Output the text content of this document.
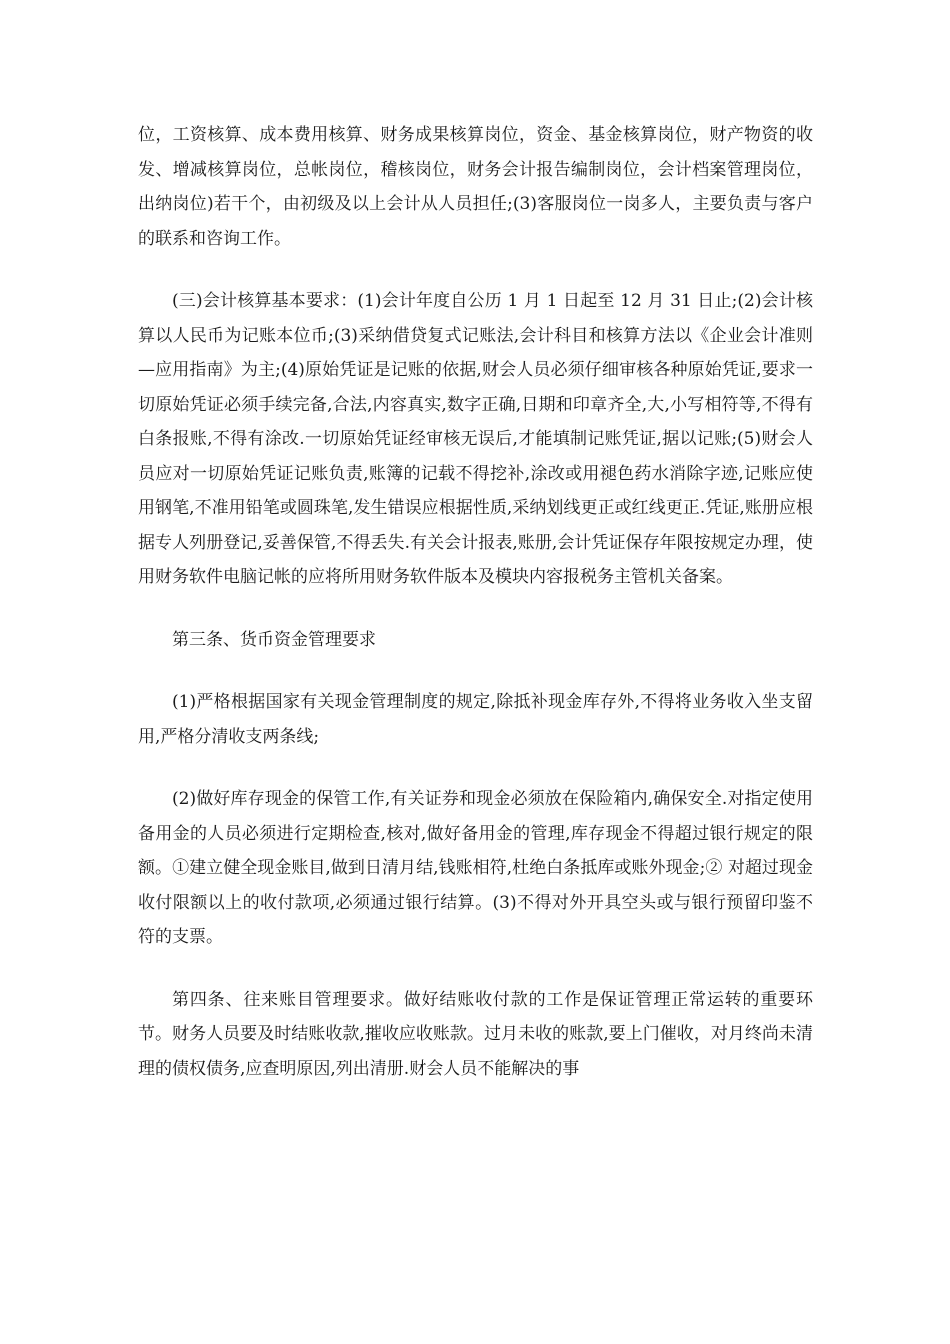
位，工资核算、成本费用核算、财务成果核算岗位，资金、基金核算岗位，财产物资的收发、增减核算岗位，总帐岗位，稽核岗位，财务会计报告编制岗位，会计档案管理岗位，出纳岗位)若干个，由初级及以上会计从人员担任;(3)客服岗位一岗多人，主要负责与客户的联系和咨询工作。

(三)会计核算基本要求：(1)会计年度自公历 1 月 1 日起至 12 月 31 日止;(2)会计核算以人民币为记账本位币;(3)采纳借贷复式记账法,会计科目和核算方法以《企业会计准则—应用指南》为主;(4)原始凭证是记账的依据,财会人员必须仔细审核各种原始凭证,要求一切原始凭证必须手续完备,合法,内容真实,数字正确,日期和印章齐全,大,小写相符等,不得有白条报账,不得有涂改.一切原始凭证经审核无误后,才能填制记账凭证,据以记账;(5)财会人员应对一切原始凭证记账负责,账簿的记载不得挖补,涂改或用褪色药水消除字迹,记账应使用钢笔,不准用铅笔或圆珠笔,发生错误应根据性质,采纳划线更正或红线更正.凭证,账册应根据专人列册登记,妥善保管,不得丢失.有关会计报表,账册,会计凭证保存年限按规定办理，使用财务软件电脑记帐的应将所用财务软件版本及模块内容报税务主管机关备案。

第三条、货币资金管理要求

(1)严格根据国家有关现金管理制度的规定,除抵补现金库存外,不得将业务收入坐支留用,严格分清收支两条线;

(2)做好库存现金的保管工作,有关证券和现金必须放在保险箱内,确保安全.对指定使用备用金的人员必须进行定期检查,核对,做好备用金的管理,库存现金不得超过银行规定的限额。①建立健全现金账目,做到日清月结,钱账相符,杜绝白条抵库或账外现金;② 对超过现金收付限额以上的收付款项,必须通过银行结算。(3)不得对外开具空头或与银行预留印鉴不符的支票。

第四条、往来账目管理要求。做好结账收付款的工作是保证管理正常运转的重要环节。财务人员要及时结账收款,摧收应收账款。过月未收的账款,要上门催收，对月终尚未清理的债权债务,应查明原因,列出清册.财会人员不能解决的事
